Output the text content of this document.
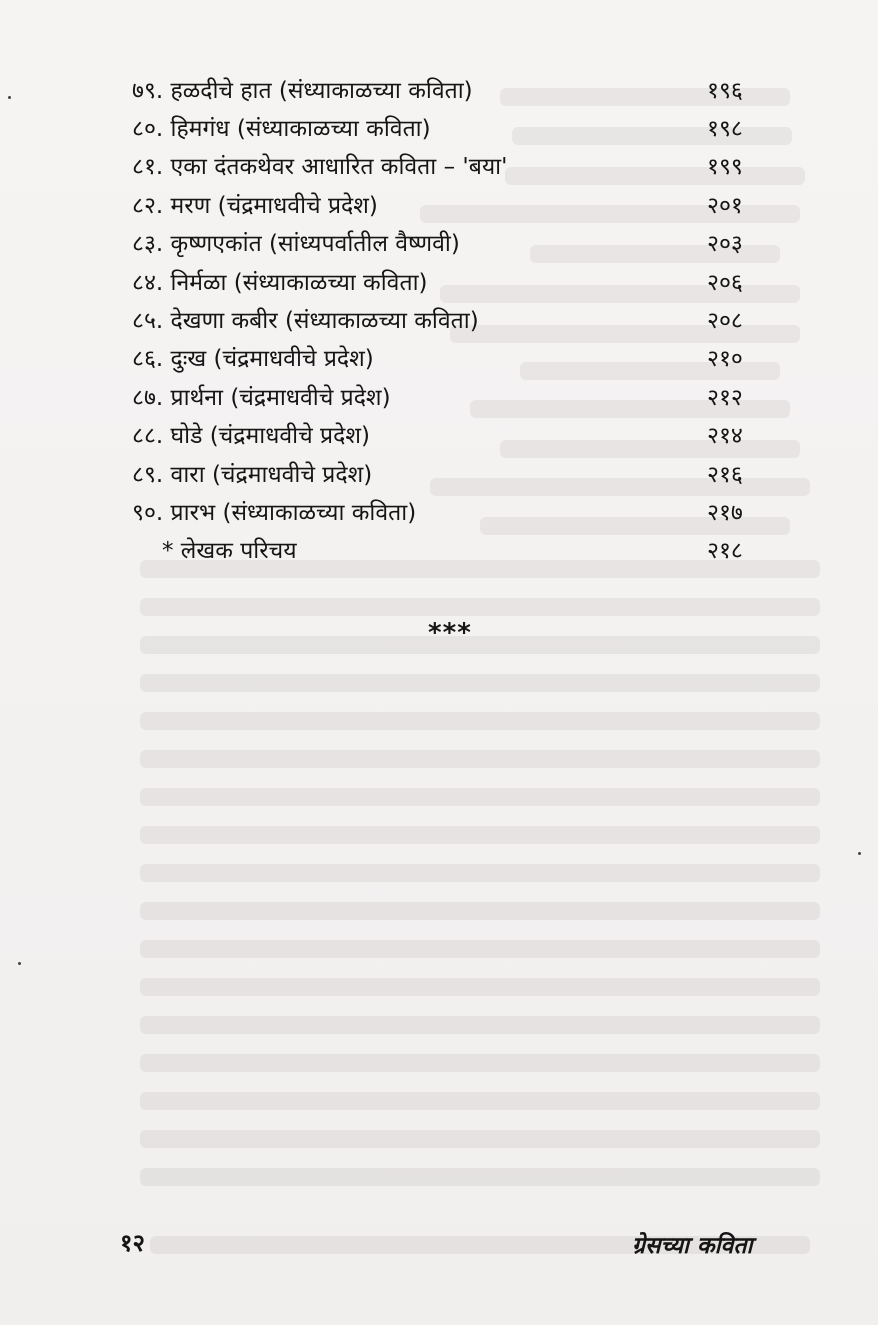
७९. हळदीचे हात (संध्याकाळच्या कविता)	१९६
८०. हिमगंध (संध्याकाळच्या कविता)	१९८
८१. एका दंतकथेवर आधारित कविता – 'बया'	१९९
८२. मरण (चंद्रमाधवीचे प्रदेश)	२०१
८३. कृष्णएकांत (सांध्यपर्वातील वैष्णवी)	२०३
८४. निर्मळा (संध्याकाळच्या कविता)	२०६
८५. देखणा कबीर (संध्याकाळच्या कविता)	२०८
८६. दुःख (चंद्रमाधवीचे प्रदेश)	२१०
८७. प्रार्थना (चंद्रमाधवीचे प्रदेश)	२१२
८८. घोडे (चंद्रमाधवीचे प्रदेश)	२१४
८९. वारा (चंद्रमाधवीचे प्रदेश)	२१६
९०. प्रारभ (संध्याकाळच्या कविता)	२१७
* लेखक परिचय	२१८
***
१२	ग्रेसच्या कविता
